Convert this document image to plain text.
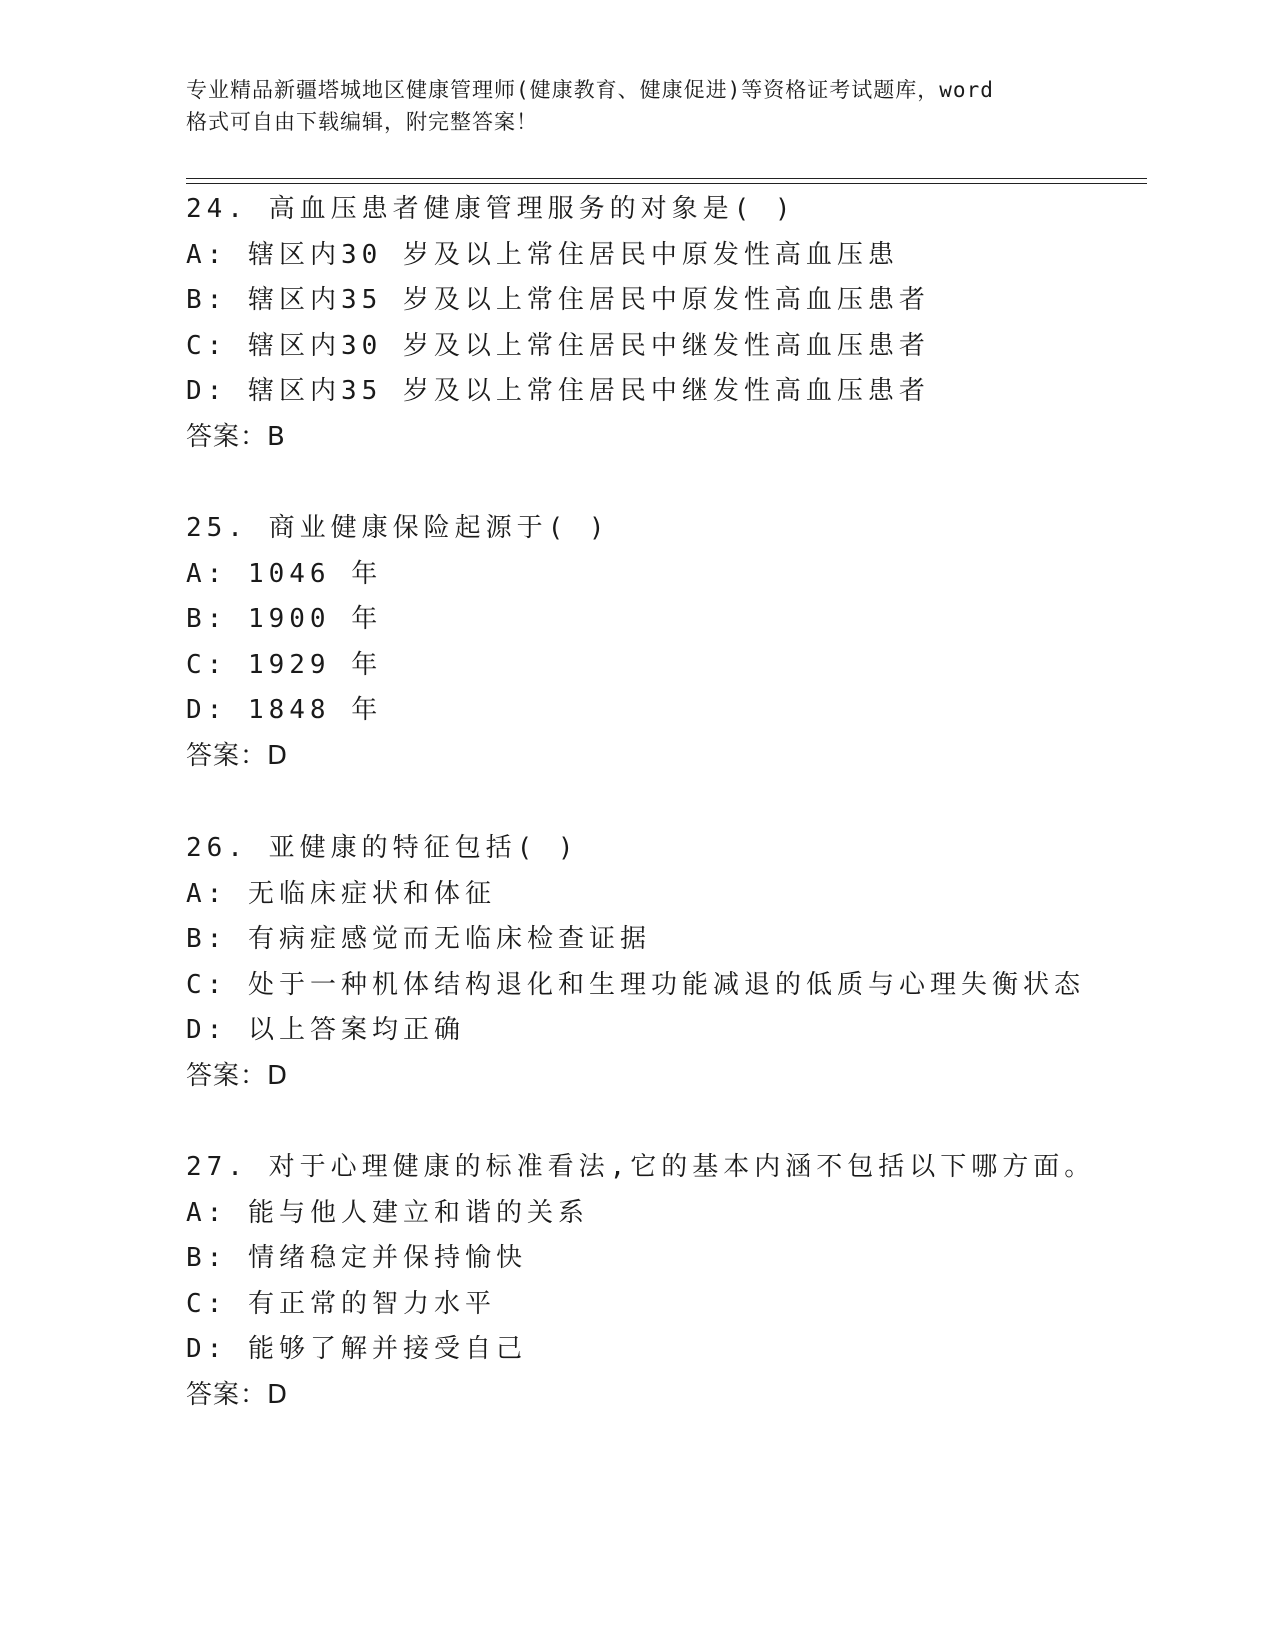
专业精品新疆塔城地区健康管理师(健康教育、健康促进)等资格证考试题库，word
格式可自由下载编辑，附完整答案！
24. 高血压患者健康管理服务的对象是( )
A: 辖区内30 岁及以上常住居民中原发性高血压患
B: 辖区内35 岁及以上常住居民中原发性高血压患者
C: 辖区内30 岁及以上常住居民中继发性高血压患者
D: 辖区内35 岁及以上常住居民中继发性高血压患者
答案：B
25. 商业健康保险起源于( )
A: 1046 年
B: 1900 年
C: 1929 年
D: 1848 年
答案：D
26. 亚健康的特征包括( )
A: 无临床症状和体征
B: 有病症感觉而无临床检查证据
C: 处于一种机体结构退化和生理功能减退的低质与心理失衡状态
D: 以上答案均正确
答案：D
27. 对于心理健康的标准看法,它的基本内涵不包括以下哪方面。
A: 能与他人建立和谐的关系
B: 情绪稳定并保持愉快
C: 有正常的智力水平
D: 能够了解并接受自己
答案：D
